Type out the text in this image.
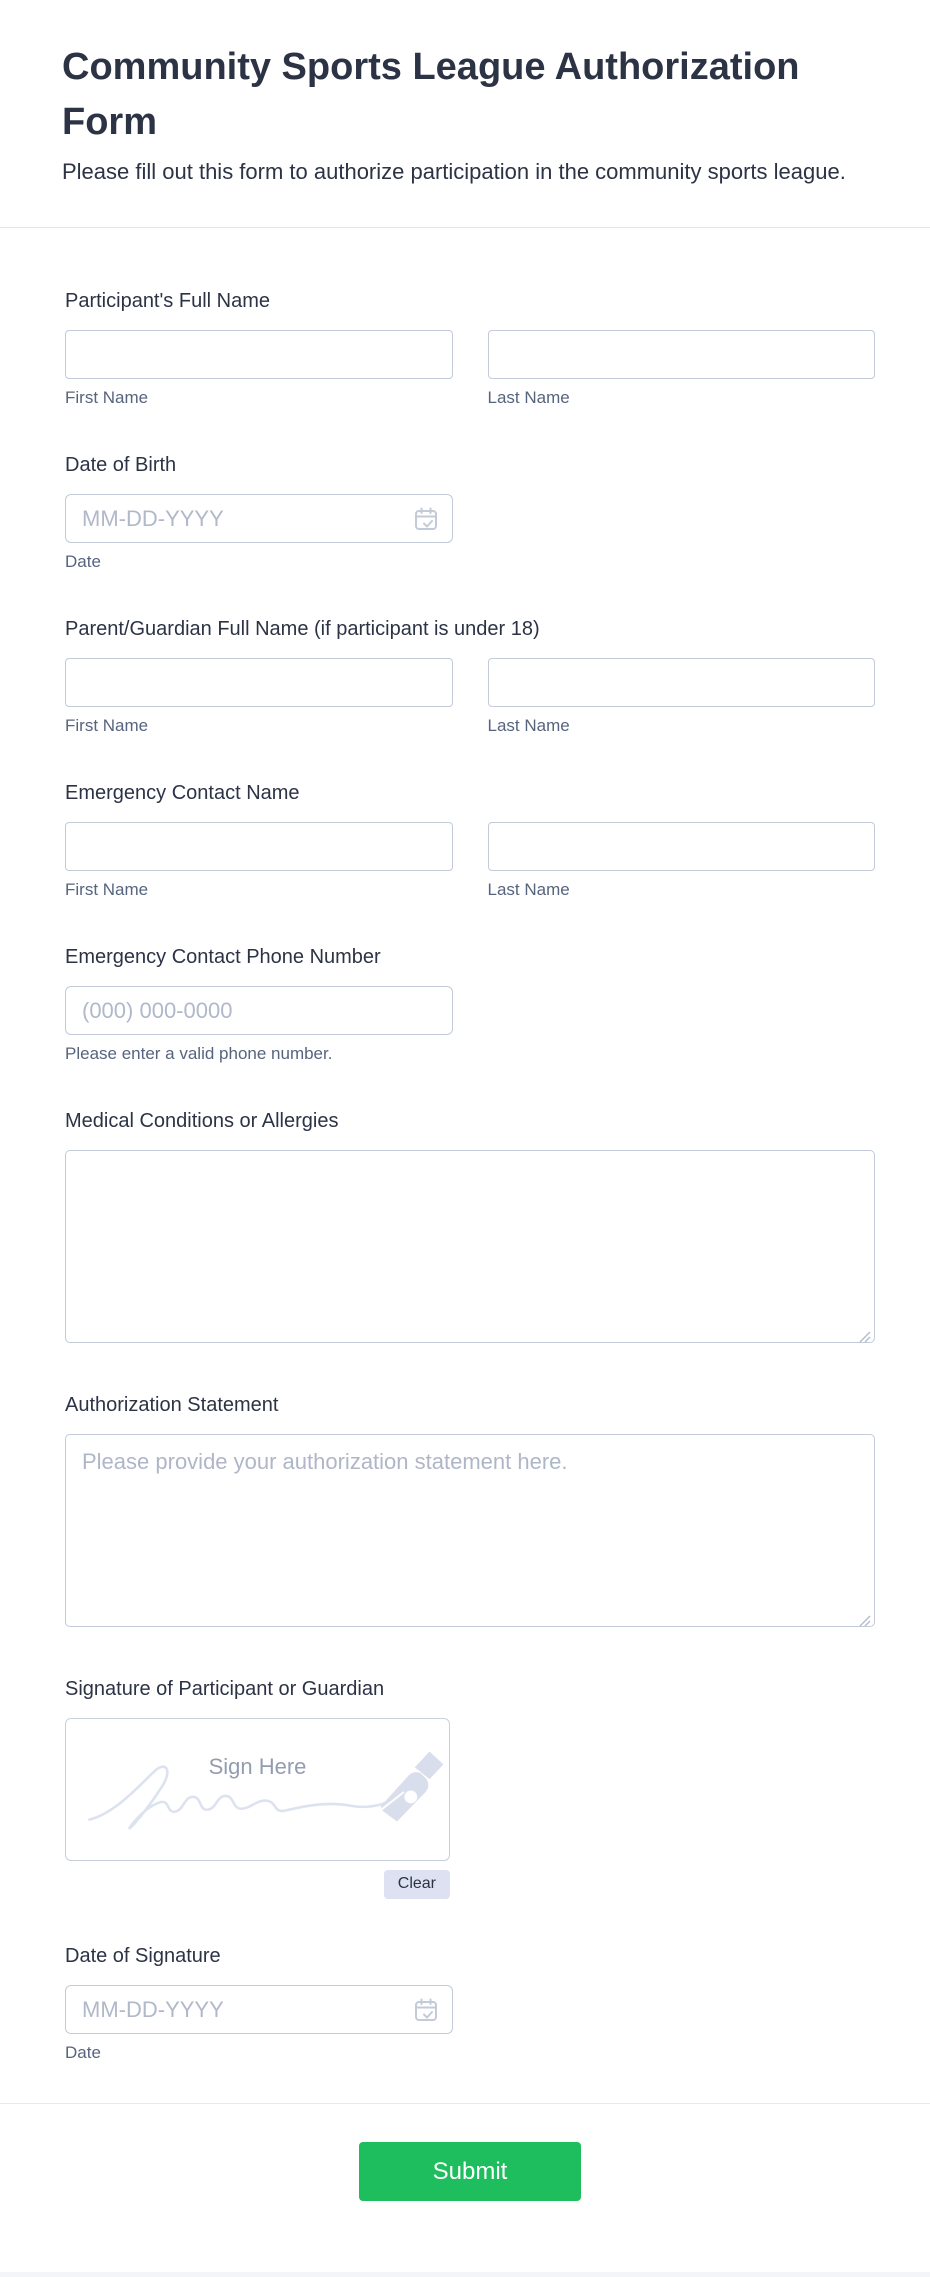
Community Sports League Authorization Form
Please fill out this form to authorize participation in the community sports league.
Participant's Full Name
First Name	Last Name
Date of Birth
MM-DD-YYYY
Date
Parent/Guardian Full Name (if participant is under 18)
First Name	Last Name
Emergency Contact Name
First Name	Last Name
Emergency Contact Phone Number
(000) 000-0000
Please enter a valid phone number.
Medical Conditions or Allergies
Authorization Statement
Please provide your authorization statement here.
Signature of Participant or Guardian
Sign Here
Clear
Date of Signature
MM-DD-YYYY
Date
Submit
